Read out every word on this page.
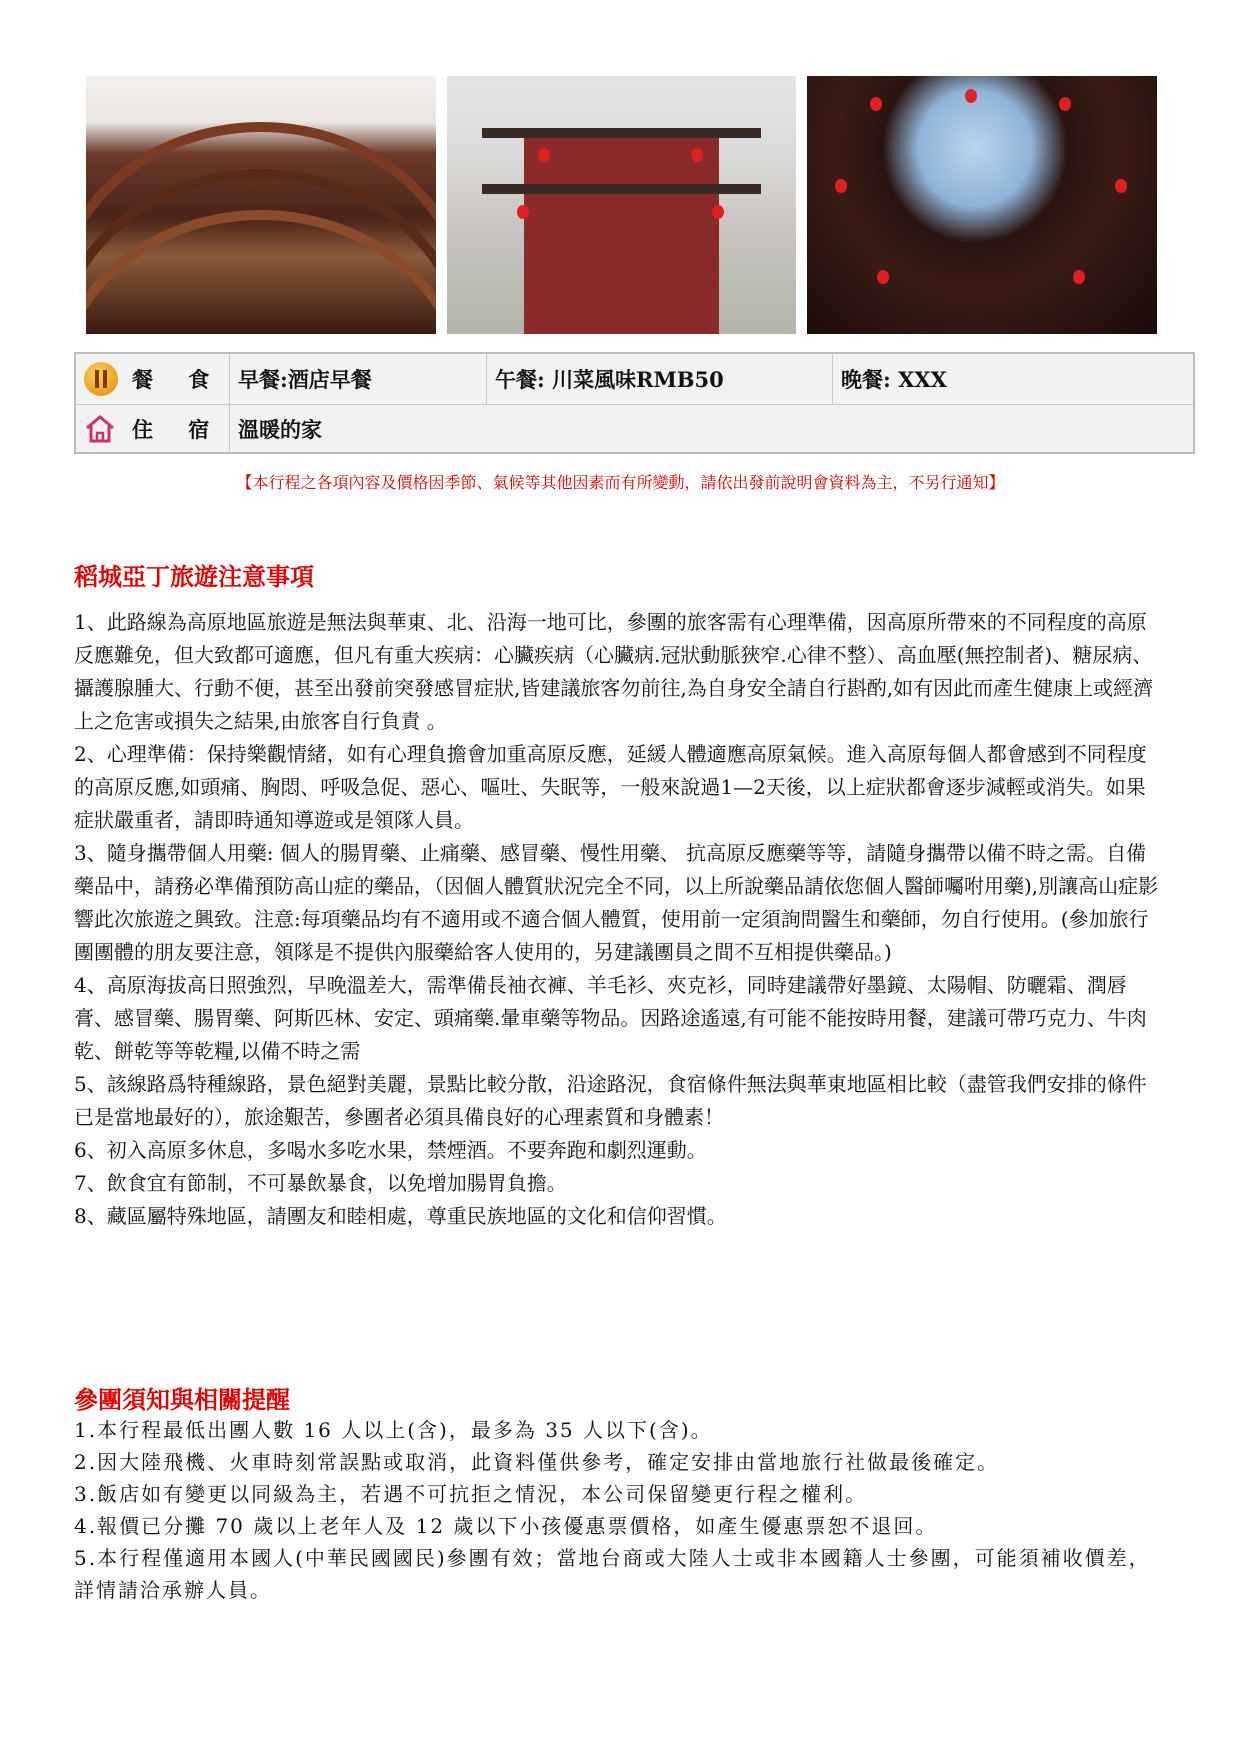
餐 食 早餐:酒店早餐	午餐: 川菜風味RMB50	晚餐: XXX
住 宿 溫暖的家
【本行程之各項內容及價格因季節、氣候等其他因素而有所變動，請依出發前說明會資料為主，不另行通知】
稻城亞丁旅遊注意事項

1、此路線為高原地區旅遊是無法與華東、北、沿海一地可比，參團的旅客需有心理準備，因高原所帶來的不同程度的高原反應難免，但大致都可適應，但凡有重大疾病：心臟疾病（心臟病.冠狀動脈狹窄.心律不整）、高血壓(無控制者)、糖尿病、攝護腺腫大、行動不便，甚至出發前突發感冒症狀,皆建議旅客勿前往,為自身安全請自行斟酌,如有因此而產生健康上或經濟上之危害或損失之結果,由旅客自行負責 。

2、心理準備：保持樂觀情緒，如有心理負擔會加重高原反應，延緩人體適應高原氣候。進入高原每個人都會感到不同程度的高原反應,如頭痛、胸悶、呼吸急促、惡心、嘔吐、失眠等，一般來說過1—2天後，以上症狀都會逐步減輕或消失。如果症狀嚴重者，請即時通知導遊或是領隊人員。

3、隨身攜帶個人用藥: 個人的腸胃藥、止痛藥、感冒藥、慢性用藥、 抗高原反應藥等等，請隨身攜帶以備不時之需。自備藥品中，請務必準備預防高山症的藥品，（因個人體質狀況完全不同，以上所說藥品請依您個人醫師囑咐用藥),別讓高山症影響此次旅遊之興致。注意:每項藥品均有不適用或不適合個人體質，使用前一定須詢問醫生和藥師，勿自行使用。(參加旅行團團體的朋友要注意，領隊是不提供內服藥給客人使用的，另建議團員之間不互相提供藥品。)

4、高原海拔高日照強烈，早晚溫差大，需準備長袖衣褲、羊毛衫、夾克衫，同時建議帶好墨鏡、太陽帽、防曬霜、潤唇膏、感冒藥、腸胃藥、阿斯匹林、安定、頭痛藥.暈車藥等物品。因路途遙遠,有可能不能按時用餐，建議可帶巧克力、牛肉乾、餅乾等等乾糧,以備不時之需

5、該線路爲特種線路，景色絕對美麗，景點比較分散，沿途路況，食宿條件無法與華東地區相比較（盡管我們安排的條件已是當地最好的），旅途艱苦，參團者必須具備良好的心理素質和身體素！

6、初入高原多休息，多喝水多吃水果，禁煙酒。不要奔跑和劇烈運動。

7、飲食宜有節制，不可暴飲暴食，以免增加腸胃負擔。

8、藏區屬特殊地區，請團友和睦相處，尊重民族地區的文化和信仰習慣。

參團須知與相關提醒

1.本行程最低出團人數 16 人以上(含)，最多為 35 人以下(含)。

2.因大陸飛機、火車時刻常誤點或取消，此資料僅供參考，確定安排由當地旅行社做最後確定。

3.飯店如有變更以同級為主，若遇不可抗拒之情況，本公司保留變更行程之權利。

4.報價已分攤 70 歲以上老年人及 12 歲以下小孩優惠票價格，如產生優惠票恕不退回。

5.本行程僅適用本國人(中華民國國民)參團有效；當地台商或大陸人士或非本國籍人士參團，可能須補收價差，詳情請洽承辦人員。
